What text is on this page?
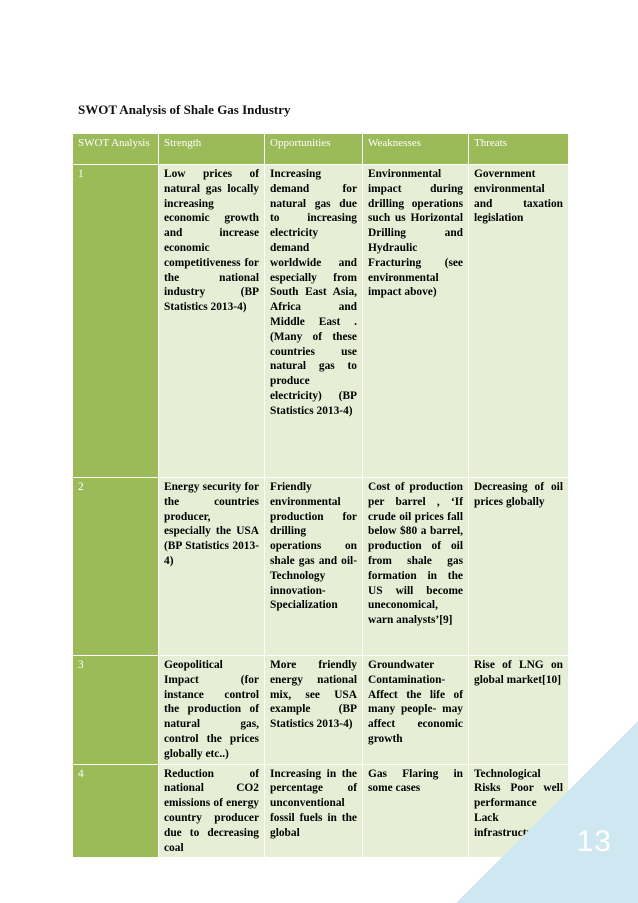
SWOT Analysis of Shale Gas Industry
SWOT Analysis	Strength	Opportunities	Weaknesses	Threats
1	Low prices of natural gas locally increasing economic growth and increase economic competitiveness for the national industry (BP Statistics 2013-4)	Increasing demand for natural gas due to increasing electricity demand worldwide and especially from South East Asia, Africa and Middle East . (Many of these countries use natural gas to produce electricity) (BP Statistics 2013-4)	Environmental impact during drilling operations such us Horizontal Drilling and Hydraulic Fracturing (see environmental impact above)	Government environmental and taxation legislation
2	Energy security for the countries producer, especially the USA (BP Statistics 2013-4)	Friendly environmental production for drilling operations on shale gas and oil- Technology innovation- Specialization	Cost of production per barrel , ‘If crude oil prices fall below $80 a barrel, production of oil from shale gas formation in the US will become uneconomical, warn analysts’[9]	Decreasing of oil prices globally
3	Geopolitical Impact (for instance control the production of natural gas, control the prices globally etc..)	More friendly energy national mix, see USA example (BP Statistics 2013-4)	Groundwater Contamination- Affect the life of many people- may affect economic growth	Rise of LNG on global market[10]
4	Reduction of national CO2 emissions of energy country producer due to decreasing coal	Increasing in the percentage of unconventional fossil fuels in the global	Gas Flaring in some cases	Technological Risks Poor well performance Lack of infrastructure 13
